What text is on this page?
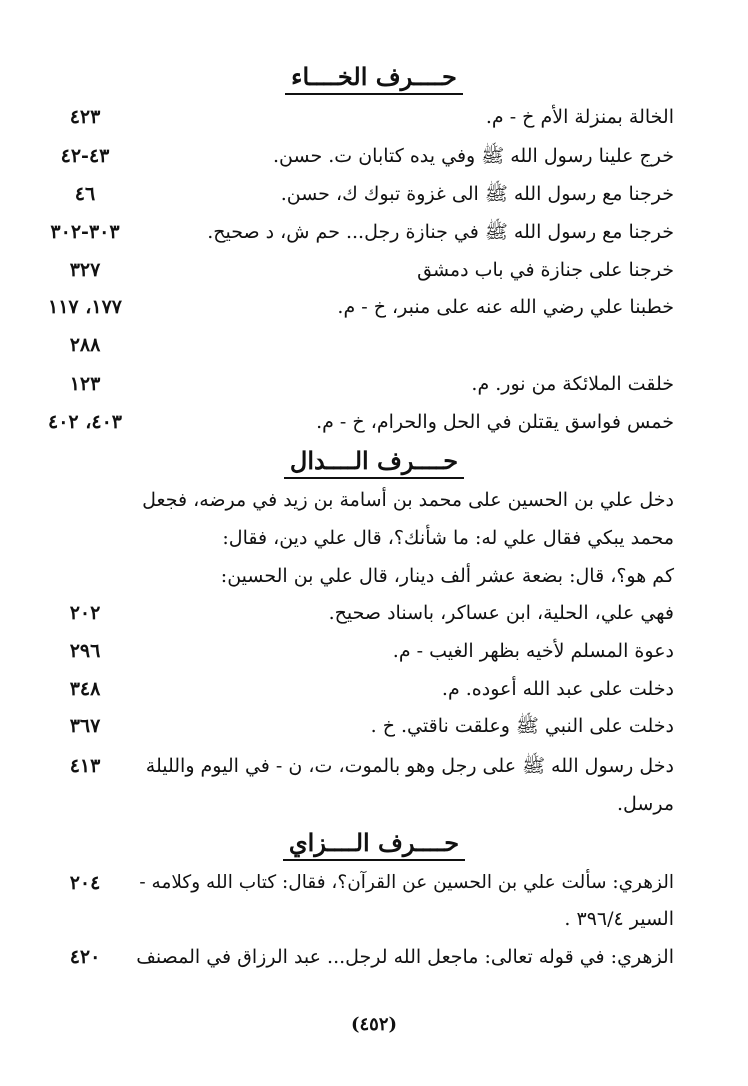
حــــرف الخــــاء
الخالة بمنزلة الأم خ - م.
٤٢٣
خرج علينا رسول الله ﷺ وفي يده كتابان ت. حسن.
٤٣-٤٢
خرجنا مع رسول الله ﷺ الى غزوة تبوك ك، حسن.
٤٦
خرجنا مع رسول الله ﷺ في جنازة رجل... حم ش، د صحيح.
٣٠٣-٣٠٢
خرجنا على جنازة في باب دمشق
٣٢٧
خطبنا علي رضي الله عنه على منبر، خ - م.
١٧٧، ١١٧
٢٨٨
خلقت الملائكة من نور. م.
١٢٣
خمس فواسق يقتلن في الحل والحرام، خ - م.
٤٠٣، ٤٠٢
حــــرف الــــدال
دخل علي بن الحسين على محمد بن أسامة بن زيد في مرضه، فجعل
محمد يبكي فقال علي له: ما شأنك؟، قال علي دين، فقال:
كم هو؟، قال: بضعة عشر ألف دينار، قال علي بن الحسين:
فهي علي، الحلية، ابن عساكر، باسناد صحيح.
٢٠٢
دعوة المسلم لأخيه بظهر الغيب - م.
٢٩٦
دخلت على عبد الله أعوده. م.
٣٤٨
دخلت على النبي ﷺ وعلقت ناقتي. خ .
٣٦٧
دخل رسول الله ﷺ على رجل وهو بالموت، ت، ن - في اليوم والليلة
٤١٣
مرسل.
حــــرف الــــزاي
الزهري: سألت علي بن الحسين عن القرآن؟، فقال: كتاب الله وكلامه -
٢٠٤
السير ٣٩٦/٤ .
الزهري: في قوله تعالى: ماجعل الله لرجل... عبد الرزاق في المصنف
٤٢٠
(٤٥٢)
